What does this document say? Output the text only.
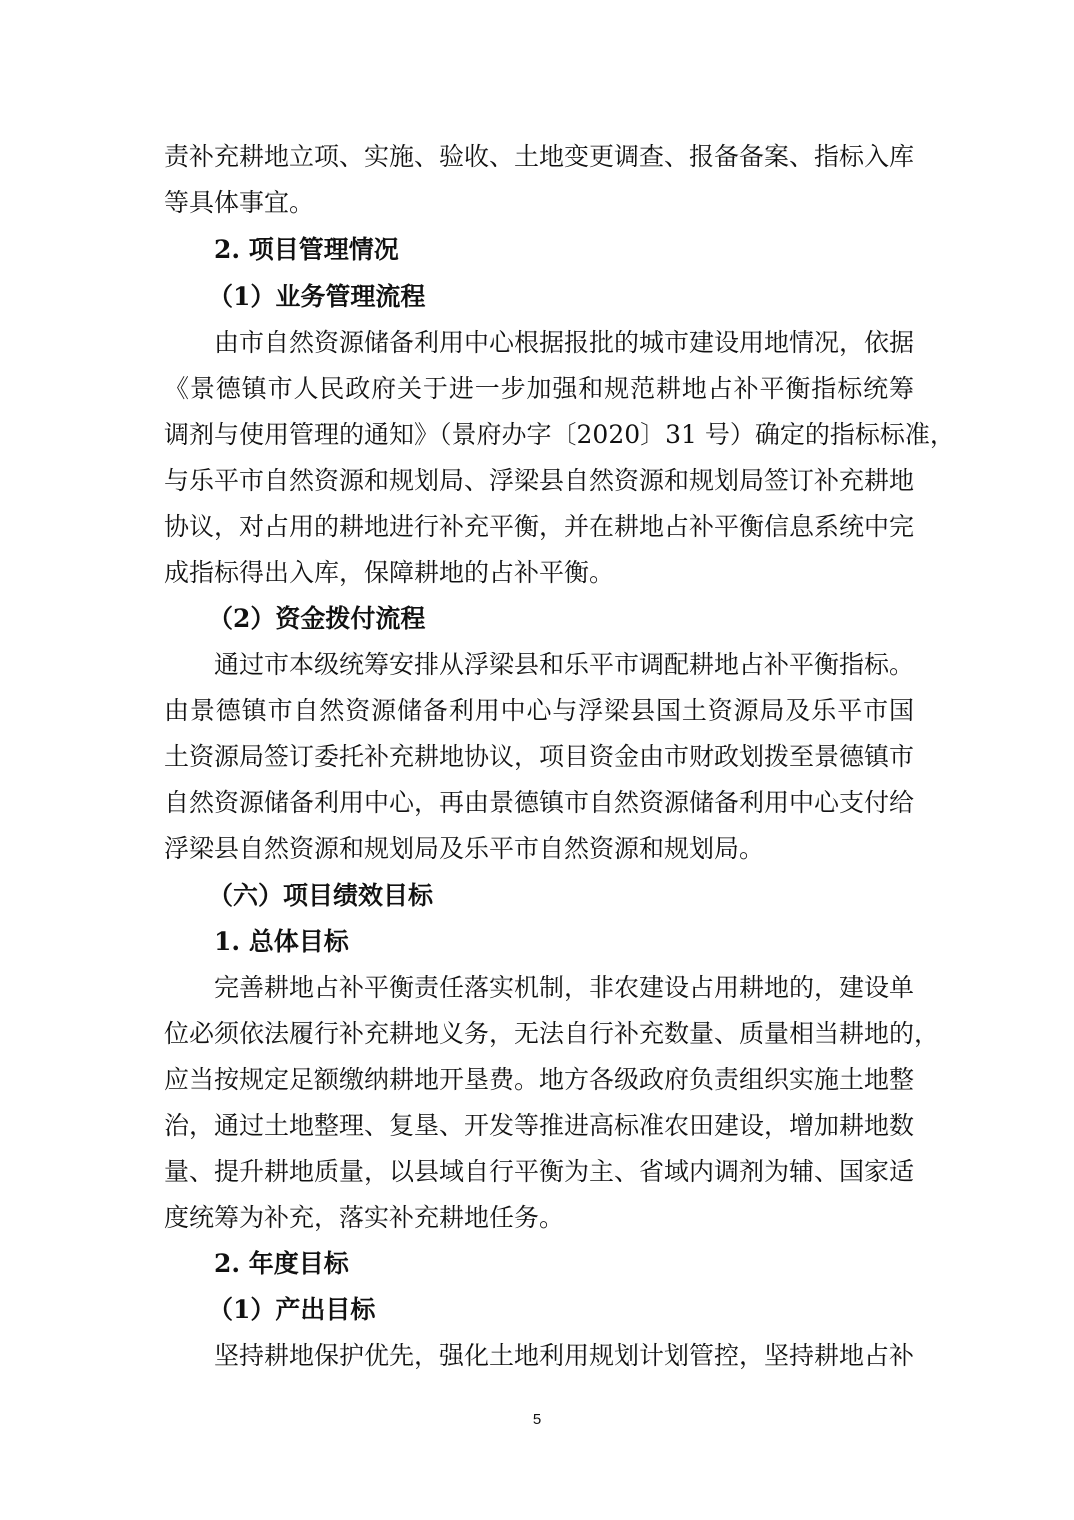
责补充耕地立项、实施、验收、土地变更调查、报备备案、指标入库
等具体事宜。
2. 项目管理情况
（1）业务管理流程
由市自然资源储备利用中心根据报批的城市建设用地情况，依据
《景德镇市人民政府关于进一步加强和规范耕地占补平衡指标统筹
调剂与使用管理的通知》（景府办字〔2020〕31 号）确定的指标标准，
与乐平市自然资源和规划局、浮梁县自然资源和规划局签订补充耕地
协议，对占用的耕地进行补充平衡，并在耕地占补平衡信息系统中完
成指标得出入库，保障耕地的占补平衡。
（2）资金拨付流程
通过市本级统筹安排从浮梁县和乐平市调配耕地占补平衡指标。
由景德镇市自然资源储备利用中心与浮梁县国土资源局及乐平市国
土资源局签订委托补充耕地协议，项目资金由市财政划拨至景德镇市
自然资源储备利用中心，再由景德镇市自然资源储备利用中心支付给
浮梁县自然资源和规划局及乐平市自然资源和规划局。
（六）项目绩效目标
1. 总体目标
完善耕地占补平衡责任落实机制，非农建设占用耕地的，建设单
位必须依法履行补充耕地义务，无法自行补充数量、质量相当耕地的，
应当按规定足额缴纳耕地开垦费。地方各级政府负责组织实施土地整
治，通过土地整理、复垦、开发等推进高标准农田建设，增加耕地数
量、提升耕地质量，以县域自行平衡为主、省域内调剂为辅、国家适
度统筹为补充，落实补充耕地任务。
2. 年度目标
（1）产出目标
坚持耕地保护优先，强化土地利用规划计划管控，坚持耕地占补
5
